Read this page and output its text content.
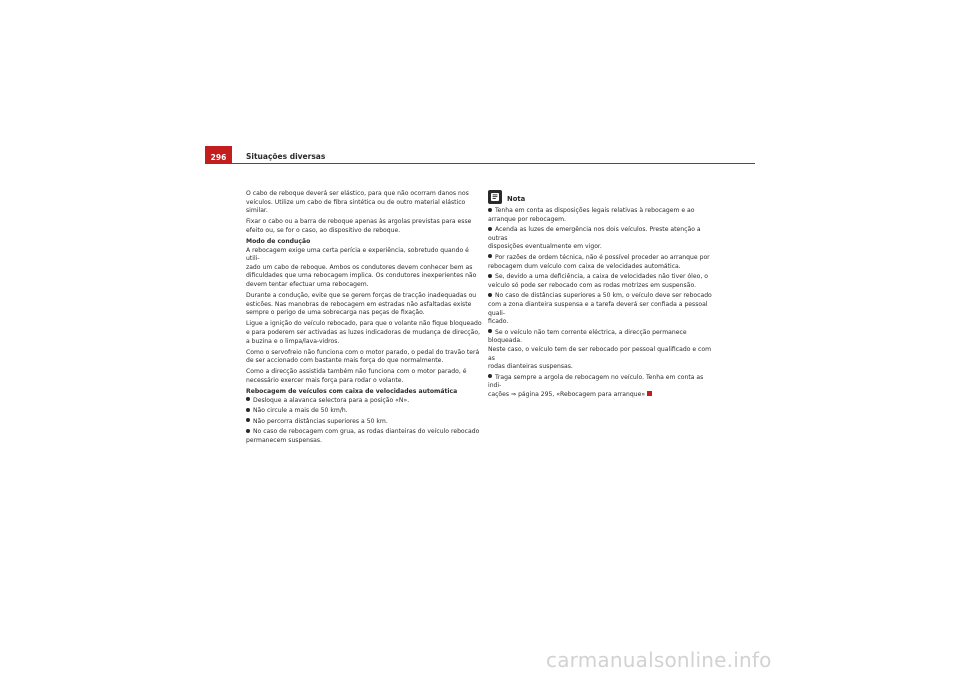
296	Situações diversas

O cabo de reboque deverá ser elástico, para que não ocorram danos nos
veículos. Utilize um cabo de fibra sintética ou de outro material elástico
similar.

Fixar o cabo ou a barra de reboque apenas às argolas previstas para esse
efeito ou, se for o caso, ao dispositivo de reboque.

Modo de condução

A rebocagem exige uma certa perícia e experiência, sobretudo quando é utili-
zado um cabo de reboque. Ambos os condutores devem conhecer bem as
dificuldades que uma rebocagem implica. Os condutores inexperientes não
devem tentar efectuar uma rebocagem.

Durante a condução, evite que se gerem forças de tracção inadequadas ou
esticões. Nas manobras de rebocagem em estradas não asfaltadas existe
sempre o perigo de uma sobrecarga nas peças de fixação.

Ligue a ignição do veículo rebocado, para que o volante não fique bloqueado
e para poderem ser activadas as luzes indicadoras de mudança de direcção,
a buzina e o limpa/lava-vidros.

Como o servofreio não funciona com o motor parado, o pedal do travão terá
de ser accionado com bastante mais força do que normalmente.

Como a direcção assistida também não funciona com o motor parado, é
necessário exercer mais força para rodar o volante.

Rebocagem de veículos com caixa de velocidades automática

Desloque a alavanca selectora para a posição «N».
Não circule a mais de 50 km/h.
Não percorra distâncias superiores a 50 km.
No caso de rebocagem com grua, as rodas dianteiras do veículo rebocado
permanecem suspensas.
Nota
Tenha em conta as disposições legais relativas à rebocagem e ao
arranque por rebocagem.
Acenda as luzes de emergência nos dois veículos. Preste atenção a outras
disposições eventualmente em vigor.
Por razões de ordem técnica, não é possível proceder ao arranque por
rebocagem dum veículo com caixa de velocidades automática.
Se, devido a uma deficiência, a caixa de velocidades não tiver óleo, o
veículo só pode ser rebocado com as rodas motrizes em suspensão.
No caso de distâncias superiores a 50 km, o veículo deve ser rebocado
com a zona dianteira suspensa e a tarefa deverá ser confiada a pessoal quali-
ficado.
Se o veículo não tem corrente eléctrica, a direcção permanece bloqueada.
Neste caso, o veículo tem de ser rebocado por pessoal qualificado e com as
rodas dianteiras suspensas.
Traga sempre a argola de rebocagem no veículo. Tenha em conta as indi-
cações ⇒ página 295, «Rebocagem para arranque»
carmanualsonline.info
